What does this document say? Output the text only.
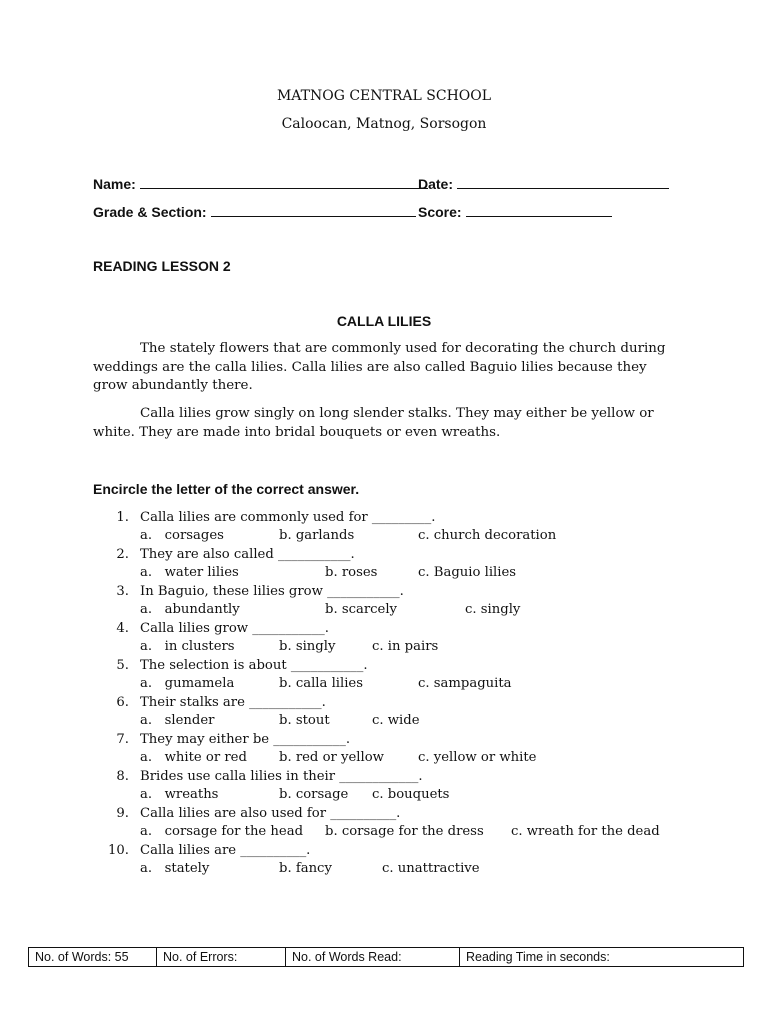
MATNOG CENTRAL SCHOOL
Caloocan, Matnog, Sorsogon
Name:	Date:
Grade & Section:	Score:
READING LESSON 2
CALLA LILIES
The stately flowers that are commonly used for decorating the church during weddings are the calla lilies. Calla lilies are also called Baguio lilies because they grow abundantly there.
Calla lilies grow singly on long slender stalks. They may either be yellow or white. They are made into bridal bouquets or even wreaths.
Encircle the letter of the correct answer.
1. Calla lilies are commonly used for _________.
a.   corsages	b. garlands	c. church decoration
2. They are also called ___________.
a.   water lilies	b. roses	c. Baguio lilies
3. In Baguio, these lilies grow ___________.
a.   abundantly	b. scarcely	c. singly
4. Calla lilies grow ___________.
a.   in clusters	b. singly	c. in pairs
5. The selection is about ___________.
a.   gumamela	b. calla lilies	c. sampaguita
6. Their stalks are ___________.
a.   slender	b. stout	c. wide
7. They may either be ___________.
a.   white or red b. red or yellow	c. yellow or white
8. Brides use calla lilies in their ____________.
a.   wreaths	b. corsage c. bouquets
9. Calla lilies are also used for __________.
a.   corsage for the head b. corsage for the dress c. wreath for the dead
10. Calla lilies are __________.
a.   stately	b. fancy	c. unattractive
No. of Words: 55	No. of Errors:	No. of Words Read:	Reading Time in seconds:
